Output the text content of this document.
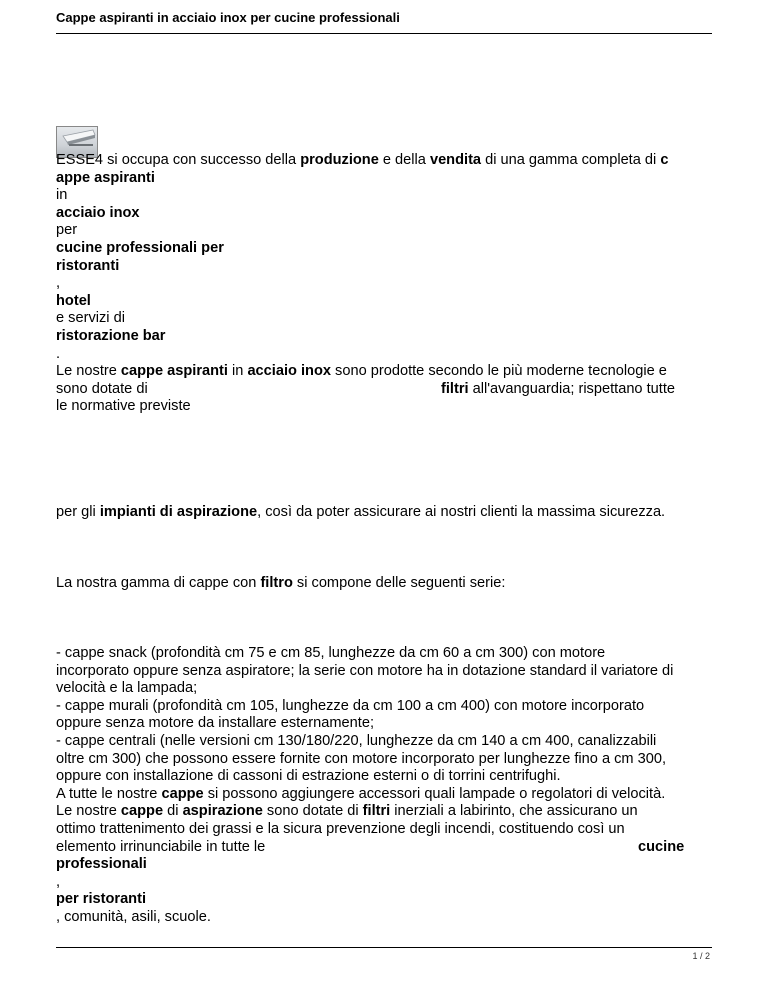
Cappe aspiranti in acciaio inox per cucine professionali

ESSE4 si occupa con successo della produzione e della vendita di una gamma completa di c

appe aspiranti

in

acciaio inox

per

cucine professionali per

ristoranti

,

hotel

e servizi di

ristorazione bar

.

Le nostre cappe aspiranti in acciaio inox sono prodotte secondo le più moderne tecnologie e

sono dotate di	filtri all'avanguardia; rispettano tutte

le normative previste

per gli impianti di aspirazione, così da poter assicurare ai nostri clienti la massima sicurezza.

La nostra gamma di cappe con filtro si compone delle seguenti serie:

- cappe snack (profondità cm 75 e cm 85, lunghezze da cm 60 a cm 300) con motore

incorporato oppure senza aspiratore; la serie con motore ha in dotazione standard il variatore di

velocità e la lampada;

- cappe murali (profondità cm 105, lunghezze da cm 100 a cm 400) con motore incorporato

oppure senza motore da installare esternamente;

- cappe centrali (nelle versioni cm 130/180/220, lunghezze da cm 140 a cm 400, canalizzabili

oltre cm 300) che possono essere fornite con motore incorporato per lunghezze fino a cm 300,

oppure con installazione di cassoni di estrazione esterni o di torrini centrifughi.

A tutte le nostre cappe si possono aggiungere accessori quali lampade o regolatori di velocità.

Le nostre cappe di aspirazione sono dotate di filtri inerziali a labirinto, che assicurano un

ottimo trattenimento dei grassi e la sicura prevenzione degli incendi, costituendo così un

elemento irrinunciabile in tutte le	cucine

professionali

,

per ristoranti

, comunità, asili, scuole.

1 / 2
